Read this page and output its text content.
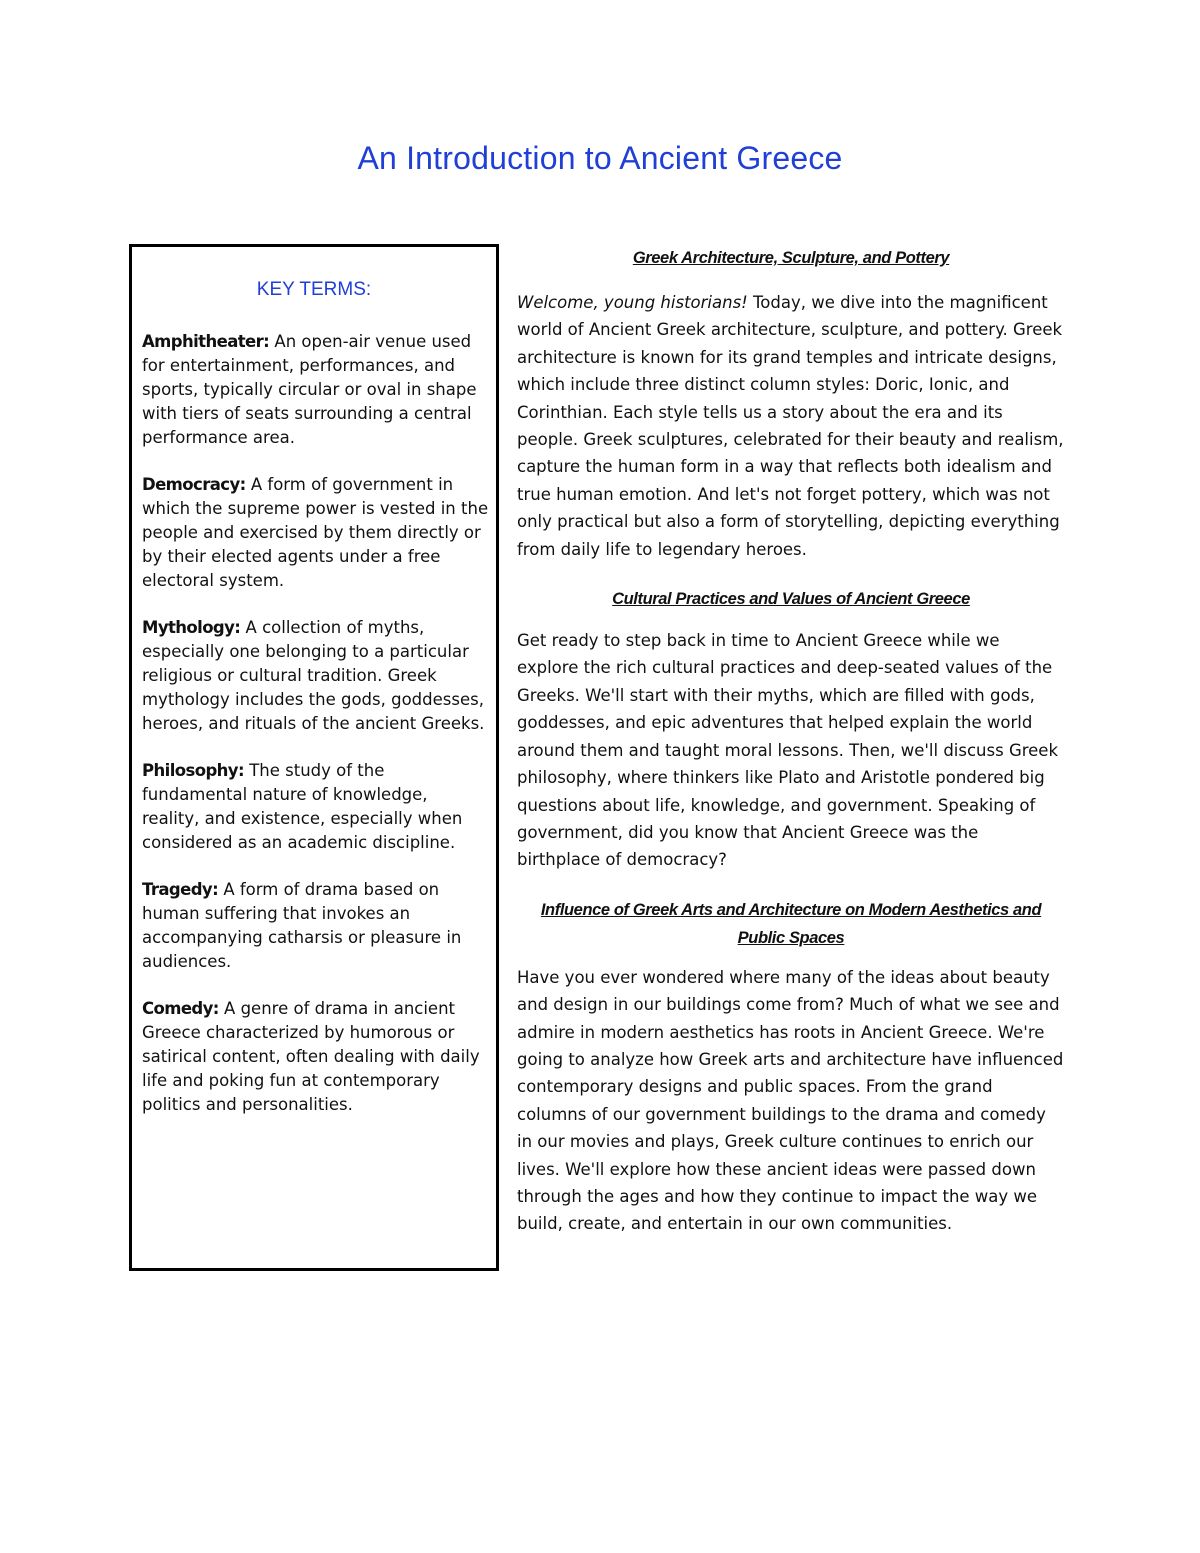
An Introduction to Ancient Greece
KEY TERMS:

Amphitheater: An open-air venue used for entertainment, performances, and sports, typically circular or oval in shape with tiers of seats surrounding a central performance area.

Democracy: A form of government in which the supreme power is vested in the people and exercised by them directly or by their elected agents under a free electoral system.

Mythology: A collection of myths, especially one belonging to a particular religious or cultural tradition. Greek mythology includes the gods, goddesses, heroes, and rituals of the ancient Greeks.

Philosophy: The study of the fundamental nature of knowledge, reality, and existence, especially when considered as an academic discipline.

Tragedy: A form of drama based on human suffering that invokes an accompanying catharsis or pleasure in audiences.

Comedy: A genre of drama in ancient Greece characterized by humorous or satirical content, often dealing with daily life and poking fun at contemporary politics and personalities.

Greek Architecture, Sculpture, and Pottery

Welcome, young historians! Today, we dive into the magnificent world of Ancient Greek architecture, sculpture, and pottery. Greek architecture is known for its grand temples and intricate designs, which include three distinct column styles: Doric, Ionic, and Corinthian. Each style tells us a story about the era and its people. Greek sculptures, celebrated for their beauty and realism, capture the human form in a way that reflects both idealism and true human emotion. And let's not forget pottery, which was not only practical but also a form of storytelling, depicting everything from daily life to legendary heroes.

Cultural Practices and Values of Ancient Greece

Get ready to step back in time to Ancient Greece while we explore the rich cultural practices and deep-seated values of the Greeks. We'll start with their myths, which are filled with gods, goddesses, and epic adventures that helped explain the world around them and taught moral lessons. Then, we'll discuss Greek philosophy, where thinkers like Plato and Aristotle pondered big questions about life, knowledge, and government. Speaking of government, did you know that Ancient Greece was the birthplace of democracy?

Influence of Greek Arts and Architecture on Modern Aesthetics and Public Spaces

Have you ever wondered where many of the ideas about beauty and design in our buildings come from? Much of what we see and admire in modern aesthetics has roots in Ancient Greece. We're going to analyze how Greek arts and architecture have influenced contemporary designs and public spaces. From the grand columns of our government buildings to the drama and comedy in our movies and plays, Greek culture continues to enrich our lives. We'll explore how these ancient ideas were passed down through the ages and how they continue to impact the way we build, create, and entertain in our own communities.
